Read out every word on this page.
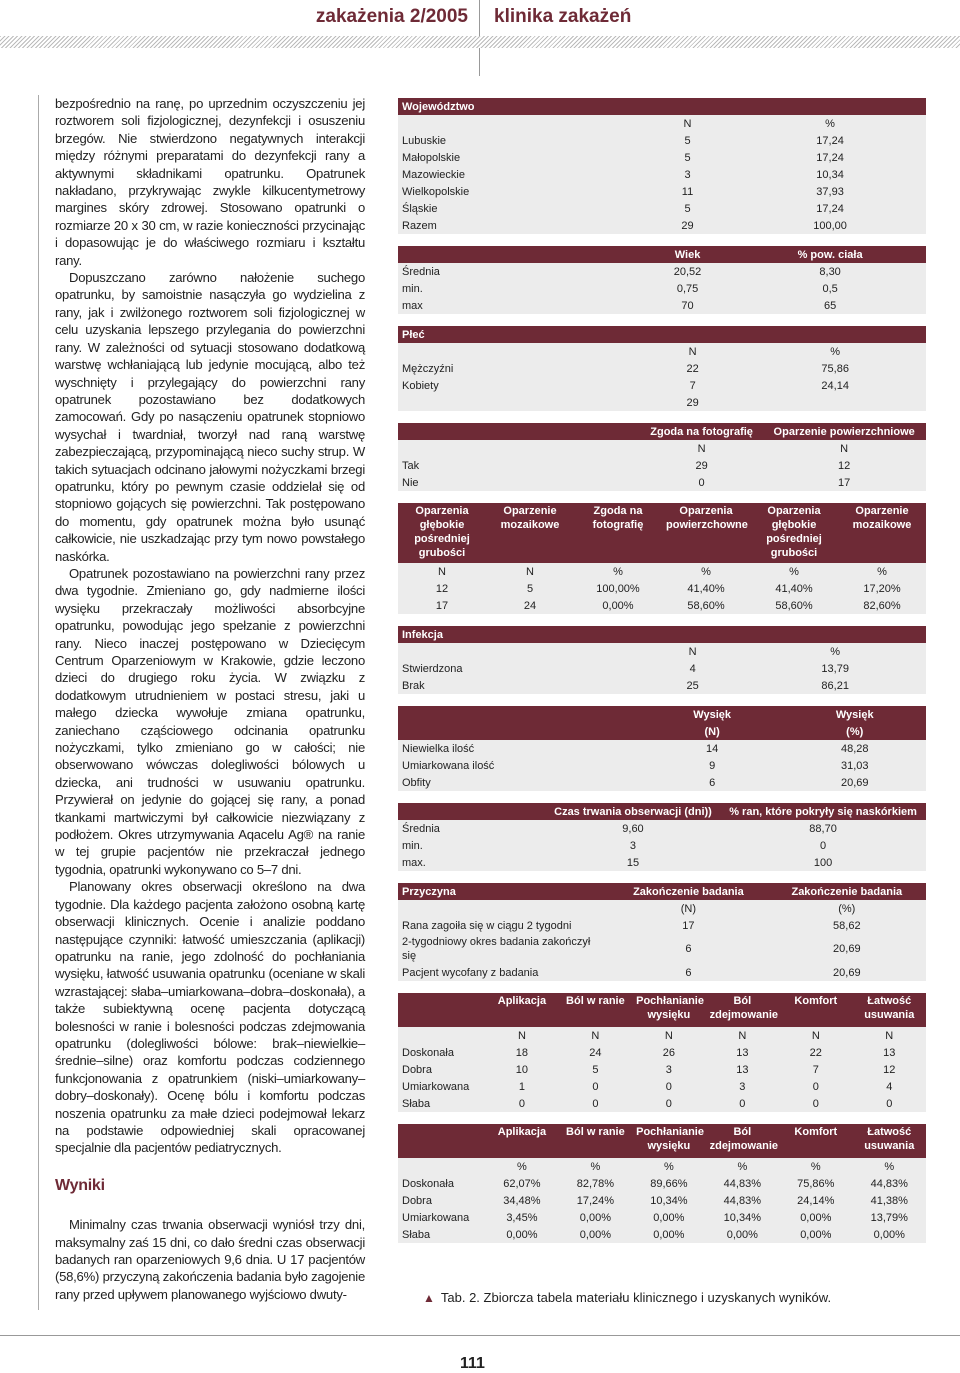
zakażenia 2/2005 klinika zakażeń

bezpośrednio na ranę, po uprzednim oczyszczeniu jej roztworem soli fizjologicznej, dezynfekcji i osuszeniu brzegów. Nie stwierdzono negatywnych interakcji między różnymi preparatami do dezynfekcji rany a aktywnymi składnikami opatrunku. Opatrunek nakładano, przykrywając zwykle kilkucentymetrowy margines skóry zdrowej. Stosowano opatrunki o rozmiarze 20 x 30 cm, w razie konieczności przycinając i dopasowując je do właściwego rozmiaru i kształtu rany.

Dopuszczano zarówno nałożenie suchego opatrunku, by samoistnie nasączyła go wydzielina z rany, jak i zwilżonego roztworem soli fizjologicznej w celu uzyskania lepszego przylegania do powierzchni rany. W zależności od sytuacji stosowano dodatkową warstwę wchłaniającą lub jedynie mocującą, albo też wyschnięty i przylegający do powierzchni rany opatrunek pozostawiano bez dodatkowych zamocowań. Gdy po nasączeniu opatrunek stopniowo wysychał i twardniał, tworzył nad raną warstwę zabezpieczającą, przypominającą nieco suchy strup. W takich sytuacjach odcinano jałowymi nożyczkami brzegi opatrunku, który po pewnym czasie oddzielał się od stopniowo gojących się powierzchni. Tak postępowano do momentu, gdy opatrunek można było usunąć całkowicie, nie uszkadzając przy tym nowo powstałego naskórka.

Opatrunek pozostawiano na powierzchni rany przez dwa tygodnie. Zmieniano go, gdy nadmierne ilości wysięku przekraczały możliwości absorbcyjne opatrunku, powodując jego spełzanie z powierzchni rany. Nieco inaczej postępowano w Dziecięcym Centrum Oparzeniowym w Krakowie, gdzie leczono dzieci do drugiego roku życia. W związku z dodatkowym utrudnieniem w postaci stresu, jaki u małego dziecka wywołuje zmiana opatrunku, zaniechano cząściowego odcinania opatrunku nożyczkami, tylko zmieniano go w całości; nie obserwowano wówczas dolegliwości bólowych u dziecka, ani trudności w usuwaniu opatrunku. Przywierał on jedynie do gojącej się rany, a ponad tkankami martwiczymi był całkowicie niezwiązany z podłożem. Okres utrzymywania Aqacelu Ag® na ranie w tej grupie pacjentów nie przekraczał jednego tygodnia, opatrunki wykonywano co 5–7 dni.

Planowany okres obserwacji określono na dwa tygodnie. Dla każdego pacjenta założono osobną kartę obserwacji klinicznych. Ocenie i analizie poddano następujące czynniki: łatwość umieszczania (aplikacji) opatrunku na ranie, jego zdolność do pochłaniania wysięku, łatwość usuwania opatrunku (oceniane w skali wzrastającej: słaba–umiarkowana–dobra–doskonała), a także subiektywną ocenę pacjenta dotyczącą bolesności w ranie i bolesności podczas zdejmowania opatrunku (dolegliwości bólowe: brak–niewielkie–średnie–silne) oraz komfortu podczas codziennego funkcjonowania z opatrunkiem (niski–umiarkowany–dobry–doskonały). Ocenę bólu i komfortu podczas noszenia opatrunku za małe dzieci podejmował lekarz na podstawie odpowiedniej skali opracowanej specjalnie dla pacjentów pediatrycznych.

Wyniki

Minimalny czas trwania obserwacji wyniósł trzy dni, maksymalny zaś 15 dni, co dało średni czas obserwacji badanych ran oparzeniowych 9,6 dnia. U 17 pacjentów (58,6%) przyczyną zakończenia badania było zagojenie rany przed upływem planowanego wyjściowo dwuty-

Województwo		
	N	%
Lubuskie	5	17,24
Małopolskie	5	17,24
Mazowieckie	3	10,34
Wielkopolskie	11	37,93
Śląskie	5	17,24
Razem	29	100,00
	Wiek	% pow. ciała
Średnia	20,52	8,30
min.	0,75	0,5
max	70	65
Płeć		
	N	%
Mężczyźni	22	75,86
Kobiety	7	24,14
	29	
	Zgoda na fotografię	Oparzenie powierzchniowe
	N	N
Tak	29	12
Nie	0	17
Oparzenia głębokie pośredniej grubości	Oparzenie mozaikowe	Zgoda na fotografię	Oparzenia powierzchowne	Oparzenia głębokie pośredniej grubości	Oparzenie mozaikowe
N	N	%	%	%	%
12	5	100,00%	41,40%	41,40%	17,20%
17	24	0,00%	58,60%	58,60%	82,60%
Infekcja		
	N	%
Stwierdzona	4	13,79
Brak	25	86,21
	Wysięk	Wysięk
	(N)	(%)
Niewielka ilość	14	48,28
Umiarkowana ilość	9	31,03
Obfity	6	20,69
	Czas trwania obserwacji (dni))	% ran, które pokryły się naskórkiem
Średnia	9,60	88,70
min.	3	0
max.	15	100
Przyczyna	Zakończenie badania	Zakończenie badania
	(N)	(%)
Rana zagoiła się w ciągu 2 tygodni	17	58,62
2-tygodniowy okres badania zakończył się	6	20,69
Pacjent wycofany z badania	6	20,69
	Aplikacja	Ból w ranie	Pochłanianie wysięku	Ból zdejmowanie	Komfort	Łatwość usuwania
	N	N	N	N	N	N
Doskonała	18	24	26	13	22	13
Dobra	10	5	3	13	7	12
Umiarkowana	1	0	0	3	0	4
Słaba	0	0	0	0	0	0
	Aplikacja	Ból w ranie	Pochłanianie wysięku	Ból zdejmowanie	Komfort	Łatwość usuwania
	%	%	%	%	%	%
Doskonała	62,07%	82,78%	89,66%	44,83%	75,86%	44,83%
Dobra	34,48%	17,24%	10,34%	44,83%	24,14%	41,38%
Umiarkowana	3,45%	0,00%	0,00%	10,34%	0,00%	13,79%
Słaba	0,00%	0,00%	0,00%	0,00%	0,00%	0,00%
▲ Tab. 2. Zbiorcza tabela materiału klinicznego i uzyskanych wyników.
111
